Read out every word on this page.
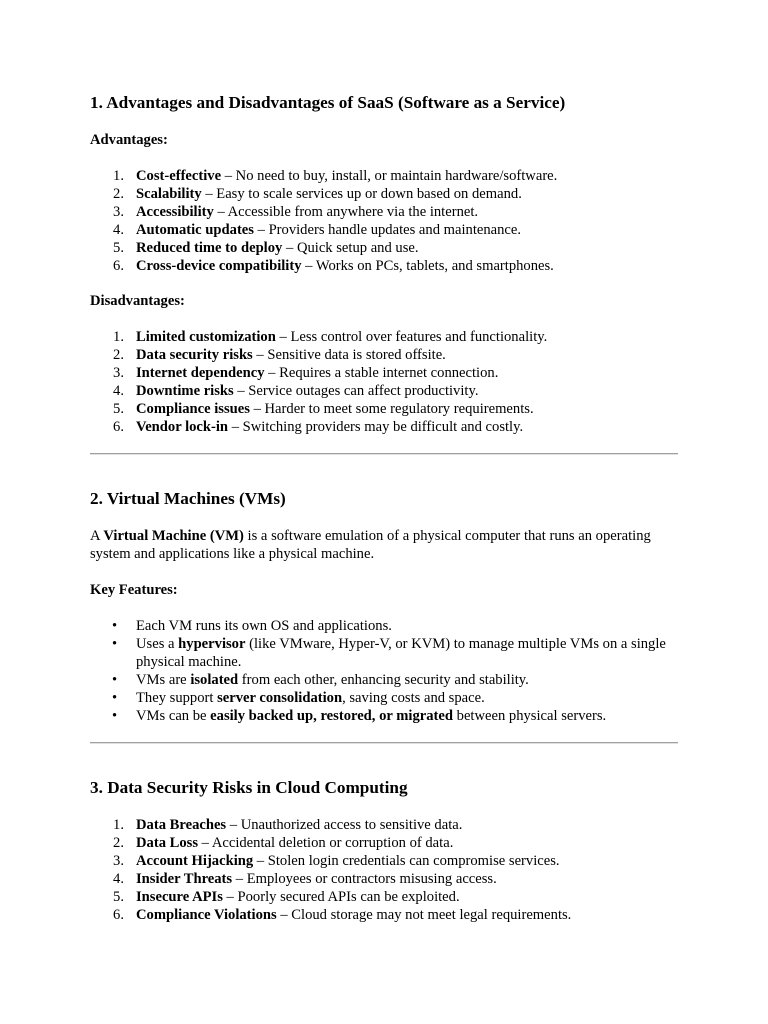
1. Advantages and Disadvantages of SaaS (Software as a Service)
Advantages:
1. Cost-effective – No need to buy, install, or maintain hardware/software.
2. Scalability – Easy to scale services up or down based on demand.
3. Accessibility – Accessible from anywhere via the internet.
4. Automatic updates – Providers handle updates and maintenance.
5. Reduced time to deploy – Quick setup and use.
6. Cross-device compatibility – Works on PCs, tablets, and smartphones.
Disadvantages:
1. Limited customization – Less control over features and functionality.
2. Data security risks – Sensitive data is stored offsite.
3. Internet dependency – Requires a stable internet connection.
4. Downtime risks – Service outages can affect productivity.
5. Compliance issues – Harder to meet some regulatory requirements.
6. Vendor lock-in – Switching providers may be difficult and costly.
2. Virtual Machines (VMs)

A Virtual Machine (VM) is a software emulation of a physical computer that runs an operating system and applications like a physical machine.

Key Features:
• Each VM runs its own OS and applications.
• Uses a hypervisor (like VMware, Hyper-V, or KVM) to manage multiple VMs on a single physical machine.
• VMs are isolated from each other, enhancing security and stability.
• They support server consolidation, saving costs and space.
• VMs can be easily backed up, restored, or migrated between physical servers.
3. Data Security Risks in Cloud Computing
1. Data Breaches – Unauthorized access to sensitive data.
2. Data Loss – Accidental deletion or corruption of data.
3. Account Hijacking – Stolen login credentials can compromise services.
4. Insider Threats – Employees or contractors misusing access.
5. Insecure APIs – Poorly secured APIs can be exploited.
6. Compliance Violations – Cloud storage may not meet legal requirements.
